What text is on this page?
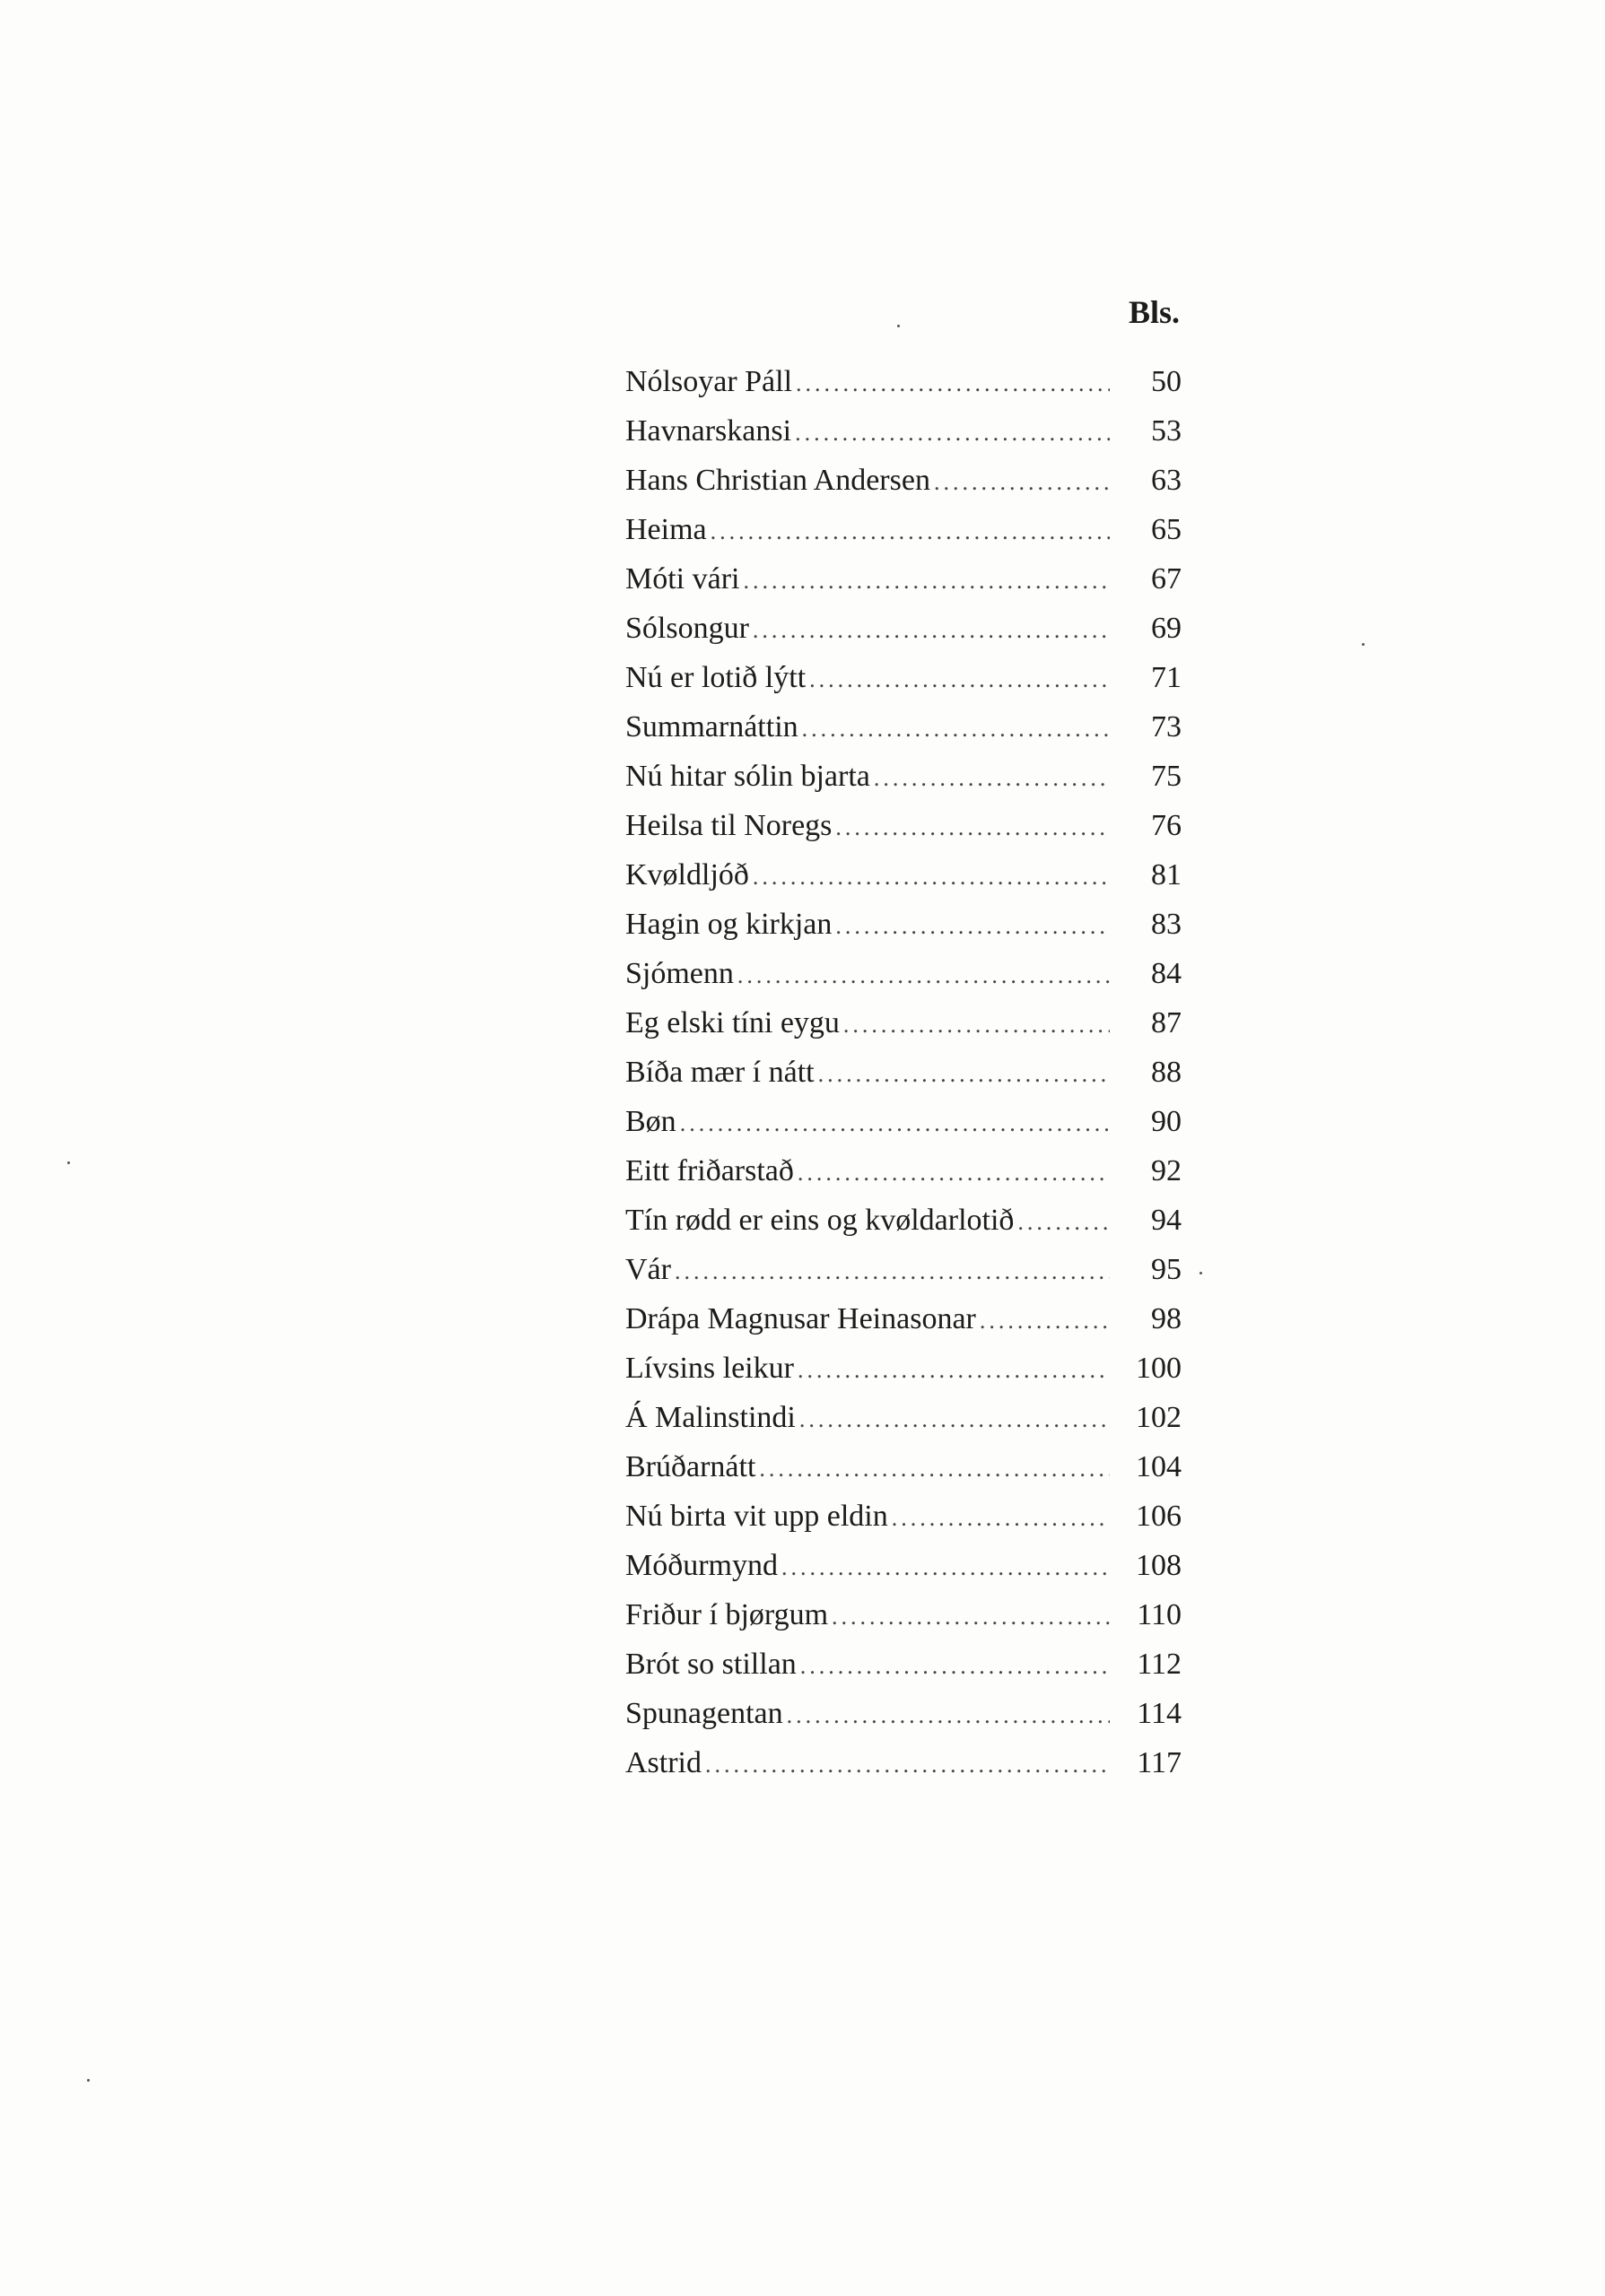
Bls.
Nólsoyar Páll .....	50
Havnarskansi .....	53
Hans Christian Andersen .....	63
Heima .....	65
Móti vári .....	67
Sólsongur .....	69
Nú er lotið lýtt .....	71
Summarnáttin .....	73
Nú hitar sólin bjarta .....	75
Heilsa til Noregs .....	76
Kvøldljóð .....	81
Hagin og kirkjan .....	83
Sjómenn .....	84
Eg elski tíni eygu .....	87
Bíða mær í nátt .....	88
Bøn .....	90
Eitt friðarstað .....	92
Tín rødd er eins og kvøldarlotið .....	94
Vár .....	95
Drápa Magnusar Heinasonar .....	98
Lívsins leikur .....	100
Á Malinstindi .....	102
Brúðarnátt .....	104
Nú birta vit upp eldin .....	106
Móðurmynd .....	108
Friður í bjørgum .....	110
Brót so stillan .....	112
Spunagentan .....	114
Astrid .....	117
